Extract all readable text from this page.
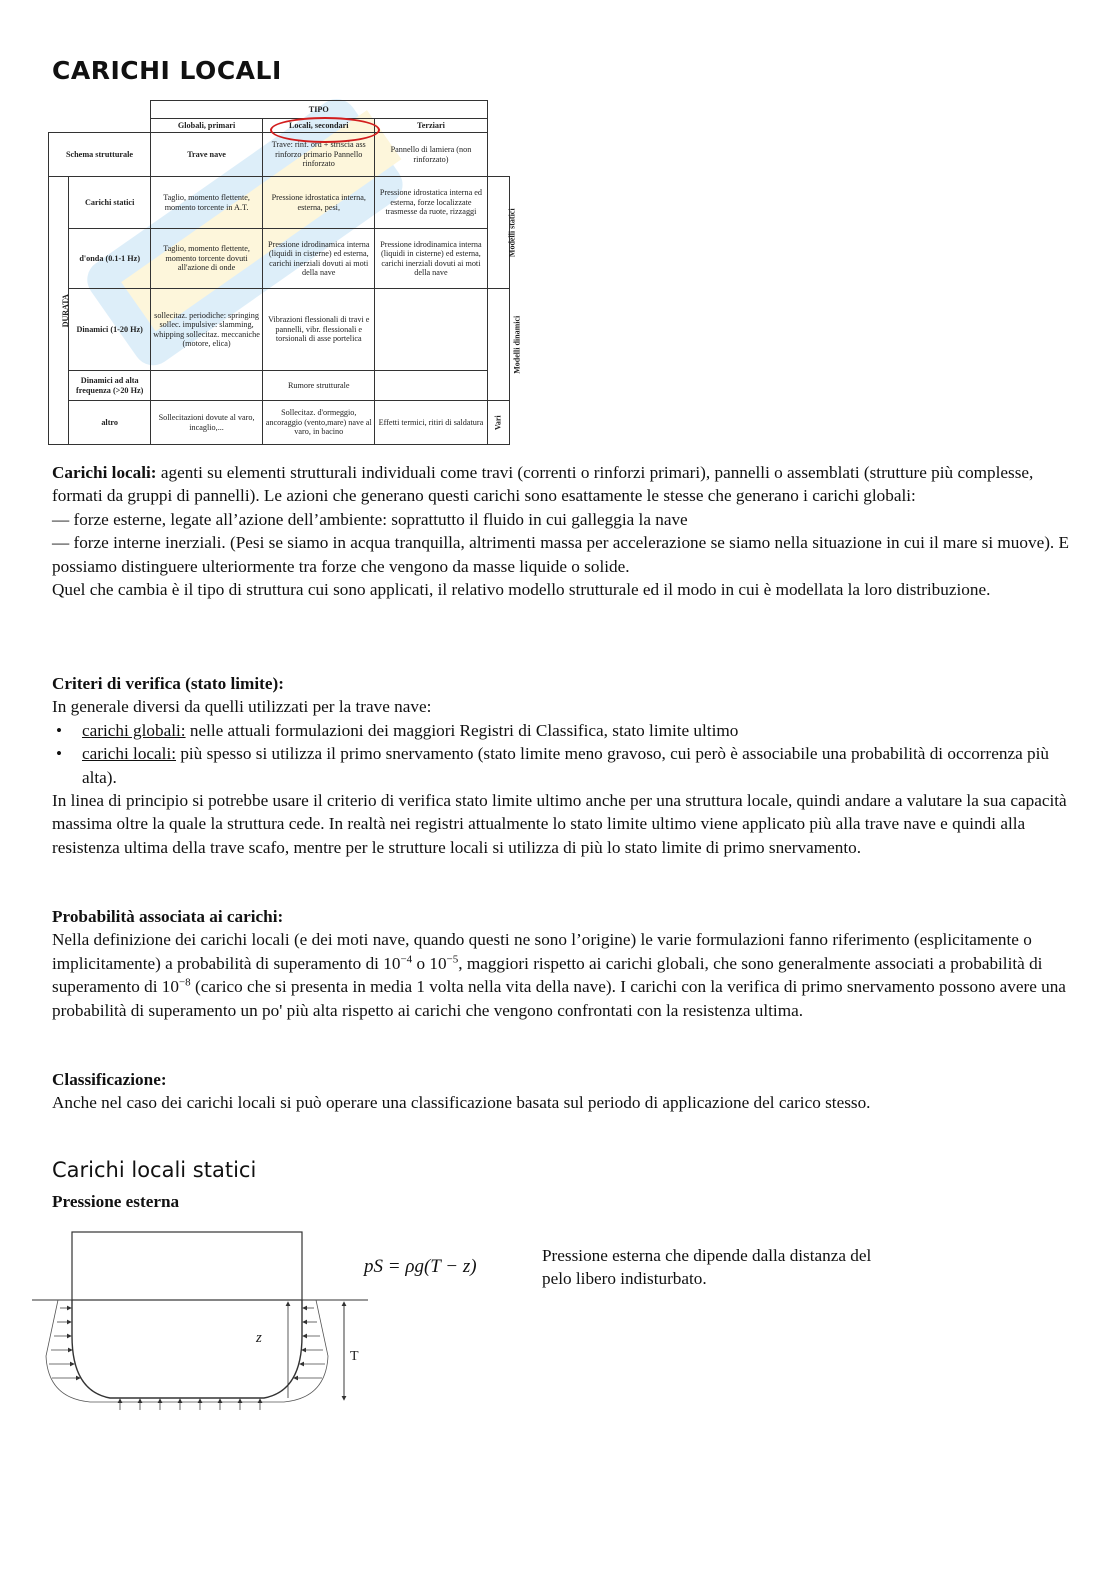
CARICHI LOCALI
		TIPO			
		Globali, primari	Locali, secondari	Terziari	
Schema strutturale		Trave nave	Trave: rinf. ord + striscia ass rinforzo primario Pannello rinforzato	Pannello di lamiera (non rinforzato)	
DURATA	Carichi statici	Taglio, momento flettente, momento torcente in A.T.	Pressione idrostatica interna, esterna, pesi,	Pressione idrostatica interna ed esterna, forze localizzate trasmesse da ruote, rizzaggi	Modelli statici
	d'onda (0.1-1 Hz)	Taglio, momento flettente, momento torcente dovuti all'azione di onde	Pressione idrodinamica interna (liquidi in cisterne) ed esterna, carichi inerziali dovuti ai moti della nave	Pressione idrodinamica interna (liquidi in cisterne) ed esterna, carichi inerziali dovuti ai moti della nave	
	Dinamici (1-20 Hz)	sollecitaz. periodiche: springing sollec. impulsive: slamming, whipping sollecitaz. meccaniche (motore, elica)	Vibrazioni flessionali di travi e pannelli, vibr. flessionali e torsionali di asse portelica		Modelli dinamici
	Dinamici ad alta frequenza (>20 Hz)		Rumore strutturale		
	altro	Sollecitazioni dovute al varo, incaglio,...	Sollecitaz. d'ormeggio, ancoraggio (vento,mare) nave al varo, in bacino	Effetti termici, ritiri di saldatura	Vari

Carichi locali: agenti su elementi strutturali individuali come travi (correnti o rinforzi primari), pannelli o assemblati (strutture più complesse, formati da gruppi di pannelli). Le azioni che generano questi carichi sono esattamente le stesse che generano i carichi globali:

— forze esterne, legate all’azione dell’ambiente: soprattutto il fluido in cui galleggia la nave

— forze interne inerziali. (Pesi se siamo in acqua tranquilla, altrimenti massa per accelerazione se siamo nella situazione in cui il mare si muove). E possiamo distinguere ulteriormente tra forze che vengono da masse liquide o solide.

Quel che cambia è il tipo di struttura cui sono applicati, il relativo modello strutturale ed il modo in cui è modellata la loro distribuzione.

Criteri di verifica (stato limite):

In generale diversi da quelli utilizzati per la trave nave:

• carichi globali: nelle attuali formulazioni dei maggiori Registri di Classifica, stato limite ultimo

• carichi locali: più spesso si utilizza il primo snervamento (stato limite meno gravoso, cui però è associabile una probabilità di occorrenza più alta).

In linea di principio si potrebbe usare il criterio di verifica stato limite ultimo anche per una struttura locale, quindi andare a valutare la sua capacità massima oltre la quale la struttura cede. In realtà nei registri attualmente lo stato limite ultimo viene applicato più alla trave nave e quindi alla resistenza ultima della trave scafo, mentre per le strutture locali si utilizza di più lo stato limite di primo snervamento.

Probabilità associata ai carichi:

Nella definizione dei carichi locali (e dei moti nave, quando questi ne sono l’origine) le varie formulazioni fanno riferimento (esplicitamente o implicitamente) a probabilità di superamento di $10^{-4}$ o $10^{-5}$, maggiori rispetto ai carichi globali, che sono generalmente associati a probabilità di superamento di $10^{-8}$ (carico che si presenta in media 1 volta nella vita della nave). I carichi con la verifica di primo snervamento possono avere una probabilità di superamento un po' più alta rispetto ai carichi che vengono confrontati con la resistenza ultima.

Classificazione:

Anche nel caso dei carichi locali si può operare una classificazione basata sul periodo di applicazione del carico stesso.

Carichi locali statici
Pressione esterna
z
T
pS = ρg(T − z)
Pressione esterna che dipende dalla distanza del pelo libero indisturbato.
